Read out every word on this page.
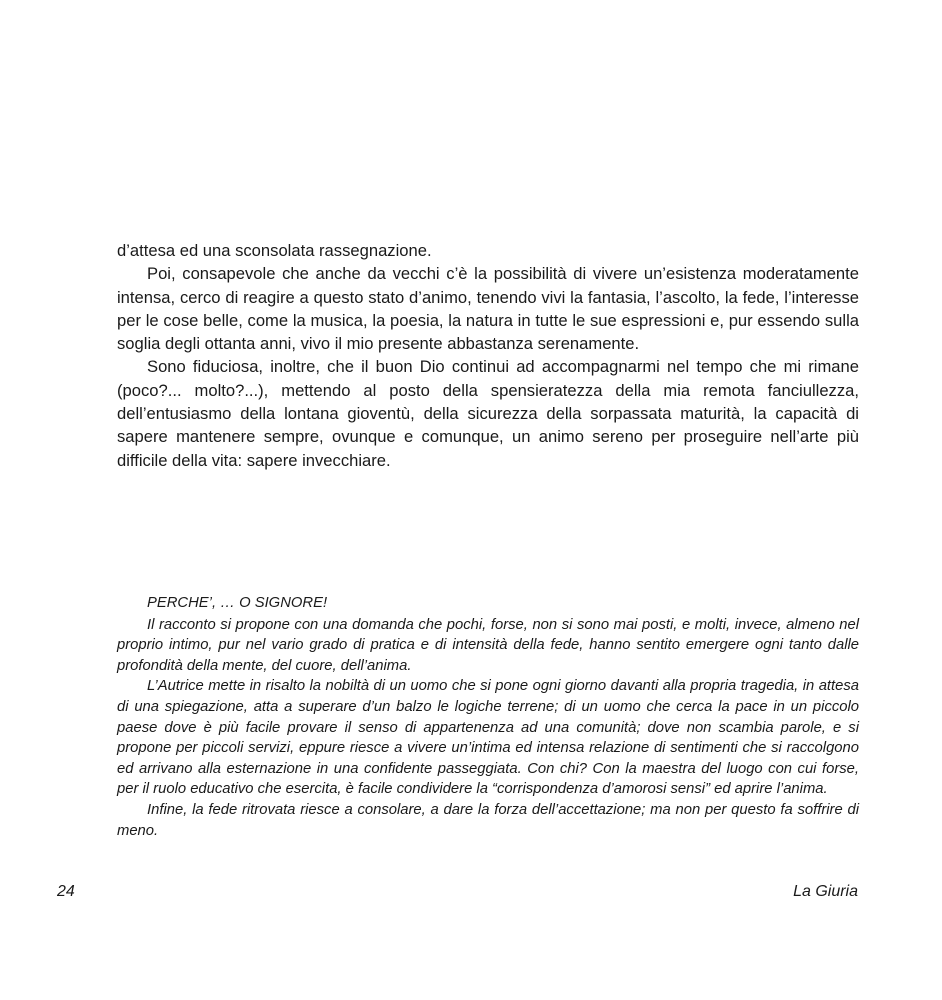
d’attesa ed una sconsolata rassegnazione.

Poi, consapevole che anche da vecchi c’è la possibilità di vivere un’esistenza moderatamente intensa, cerco di reagire a questo stato d’animo, tenendo vivi la fantasia, l’ascolto, la fede, l’interesse per le cose belle, come la musica, la poesia, la natura in tutte le sue espressioni e, pur essendo sulla soglia degli ottanta anni, vivo il mio presente abbastanza serenamente.

Sono fiduciosa, inoltre, che il buon Dio continui ad accompagnarmi nel tempo che mi rimane (poco?... molto?...), mettendo al posto della spensieratezza della mia remota fanciullezza, dell’entusiasmo della lontana gioventù, della sicurezza della sorpassata maturità, la capacità di sapere mantenere sempre, ovunque e comunque, un animo sereno per proseguire nell’arte più difficile della vita: sapere invecchiare.

PERCHE’, … O SIGNORE!

Il racconto si propone con una domanda che pochi, forse, non si sono mai posti, e molti, invece, almeno nel proprio intimo, pur nel vario grado di pratica e di intensità della fede, hanno sentito emergere ogni tanto dalle profondità della mente, del cuore, dell’anima.

L’Autrice mette in risalto la nobiltà di un uomo che si pone ogni giorno davanti alla propria tragedia, in attesa di una spiegazione, atta a superare d’un balzo le logiche terrene; di un uomo che cerca la pace in un piccolo paese dove è più facile provare il senso di appartenenza ad una comunità; dove non scambia parole, e si propone per piccoli servizi, eppure riesce a vivere un’intima ed intensa relazione di sentimenti che si raccolgono ed arrivano alla esternazione in una confidente passeggiata. Con chi? Con la maestra del luogo con cui forse, per il ruolo educativo che esercita, è facile condividere la “corrispondenza d’amorosi sensi” ed aprire l’anima.

Infine, la fede ritrovata riesce a consolare, a dare la forza dell’accettazione; ma non per questo fa soffrire di meno.

24	La Giuria
